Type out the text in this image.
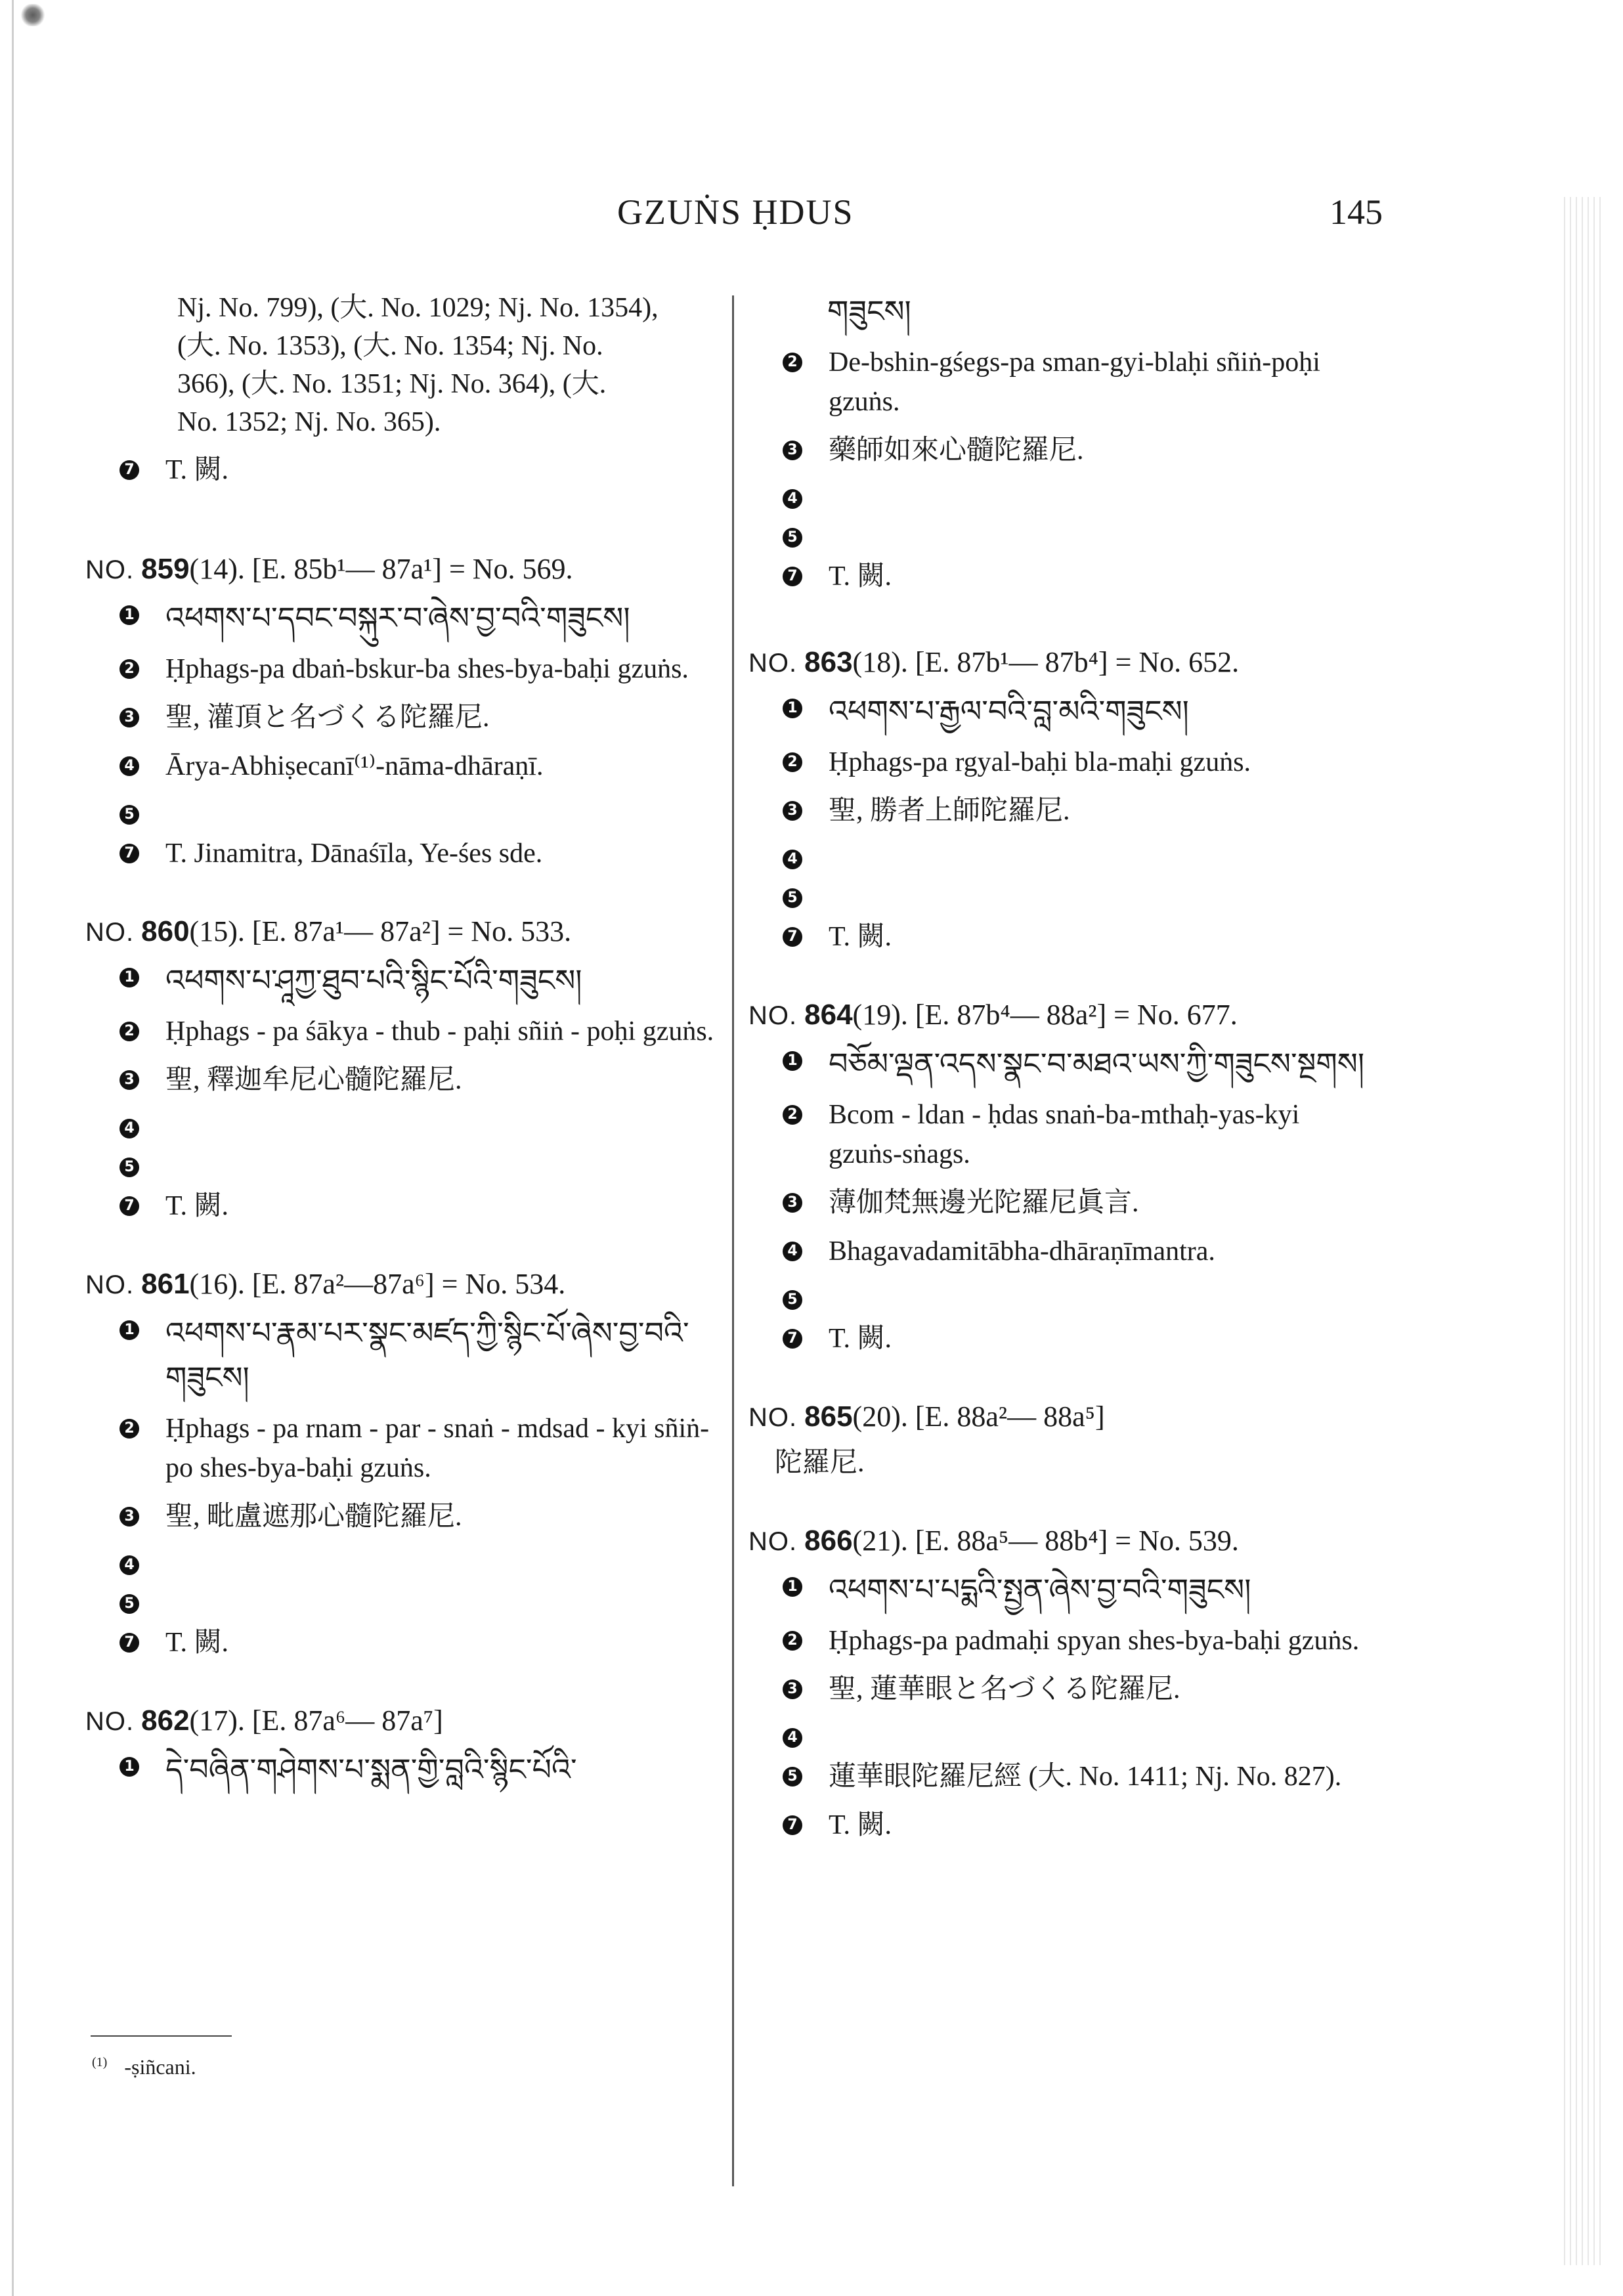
GZUṄS ḤDUS	145
Nj. No. 799), (大. No. 1029; Nj. No. 1354),
(大. No. 1353), (大. No. 1354; Nj. No.
366), (大. No. 1351; Nj. No. 364), (大.
No. 1352; Nj. No. 365).
7 T. 闕.
NO. 859(14). [E. 85b¹— 87a¹] = No. 569.
1 འཕགས་པ་དབང་བསྐུར་བ་ཞེས་བྱ་བའི་གཟུངས།
2 Ḥphags-pa dbaṅ-bskur-ba shes-bya-baḥi gzuṅs.
3 聖, 灌頂と名づくる陀羅尼.
4 Ārya-Abhiṣecanī⁽¹⁾-nāma-dhāraṇī.
5
7 T. Jinamitra, Dānaśīla, Ye-śes sde.
NO. 860(15). [E. 87a¹— 87a²] = No. 533.
1 འཕགས་པ་ཤཱཀྱ་ཐུབ་པའི་སྙིང་པོའི་གཟུངས།
2 Ḥphags - pa śākya - thub - paḥi sñiṅ - poḥi gzuṅs.
3 聖, 釋迦牟尼心髓陀羅尼.
4
5
7 T. 闕.
NO. 861(16). [E. 87a²—87a⁶] = No. 534.
1 འཕགས་པ་རྣམ་པར་སྣང་མཛད་ཀྱི་སྙིང་པོ་ཞེས་བྱ་བའི་གཟུངས།
2 Ḥphags - pa rnam - par - snaṅ - mdsad - kyi sñiṅ-po shes-bya-baḥi gzuṅs.
3 聖, 毗盧遮那心髓陀羅尼.
4
5
7 T. 闕.
NO. 862(17). [E. 87a⁶— 87a⁷]
1 དེ་བཞིན་གཤེགས་པ་སྨན་གྱི་བླའི་སྙིང་པོའི་
གཟུངས།
2 De-bshin-gśegs-pa sman-gyi-blaḥi sñiṅ-poḥi gzuṅs.
3 藥師如來心髓陀羅尼.
4
5
7 T. 闕.
NO. 863(18). [E. 87b¹— 87b⁴] = No. 652.
1 འཕགས་པ་རྒྱལ་བའི་བླ་མའི་གཟུངས།
2 Ḥphags-pa rgyal-baḥi bla-maḥi gzuṅs.
3 聖, 勝者上師陀羅尼.
4
5
7 T. 闕.
NO. 864(19). [E. 87b⁴— 88a²] = No. 677.
1 བཅོམ་ལྡན་འདས་སྣང་བ་མཐའ་ཡས་ཀྱི་གཟུངས་སྔགས།
2 Bcom - ldan - ḥdas snaṅ-ba-mthaḥ-yas-kyi gzuṅs-sṅags.
3 薄伽梵無邊光陀羅尼眞言.
4 Bhagavadamitābha-dhāraṇīmantra.
5
7 T. 闕.
NO. 865(20). [E. 88a²— 88a⁵]
陀羅尼.
NO. 866(21). [E. 88a⁵— 88b⁴] = No. 539.
1 འཕགས་པ་པདྨའི་སྤྱན་ཞེས་བྱ་བའི་གཟུངས།
2 Ḥphags-pa padmaḥi spyan shes-bya-baḥi gzuṅs.
3 聖, 蓮華眼と名づくる陀羅尼.
4
5 蓮華眼陀羅尼經 (大. No. 1411; Nj. No. 827).
7 T. 闕.
$^{(1)}$ -ṣiñcani.
